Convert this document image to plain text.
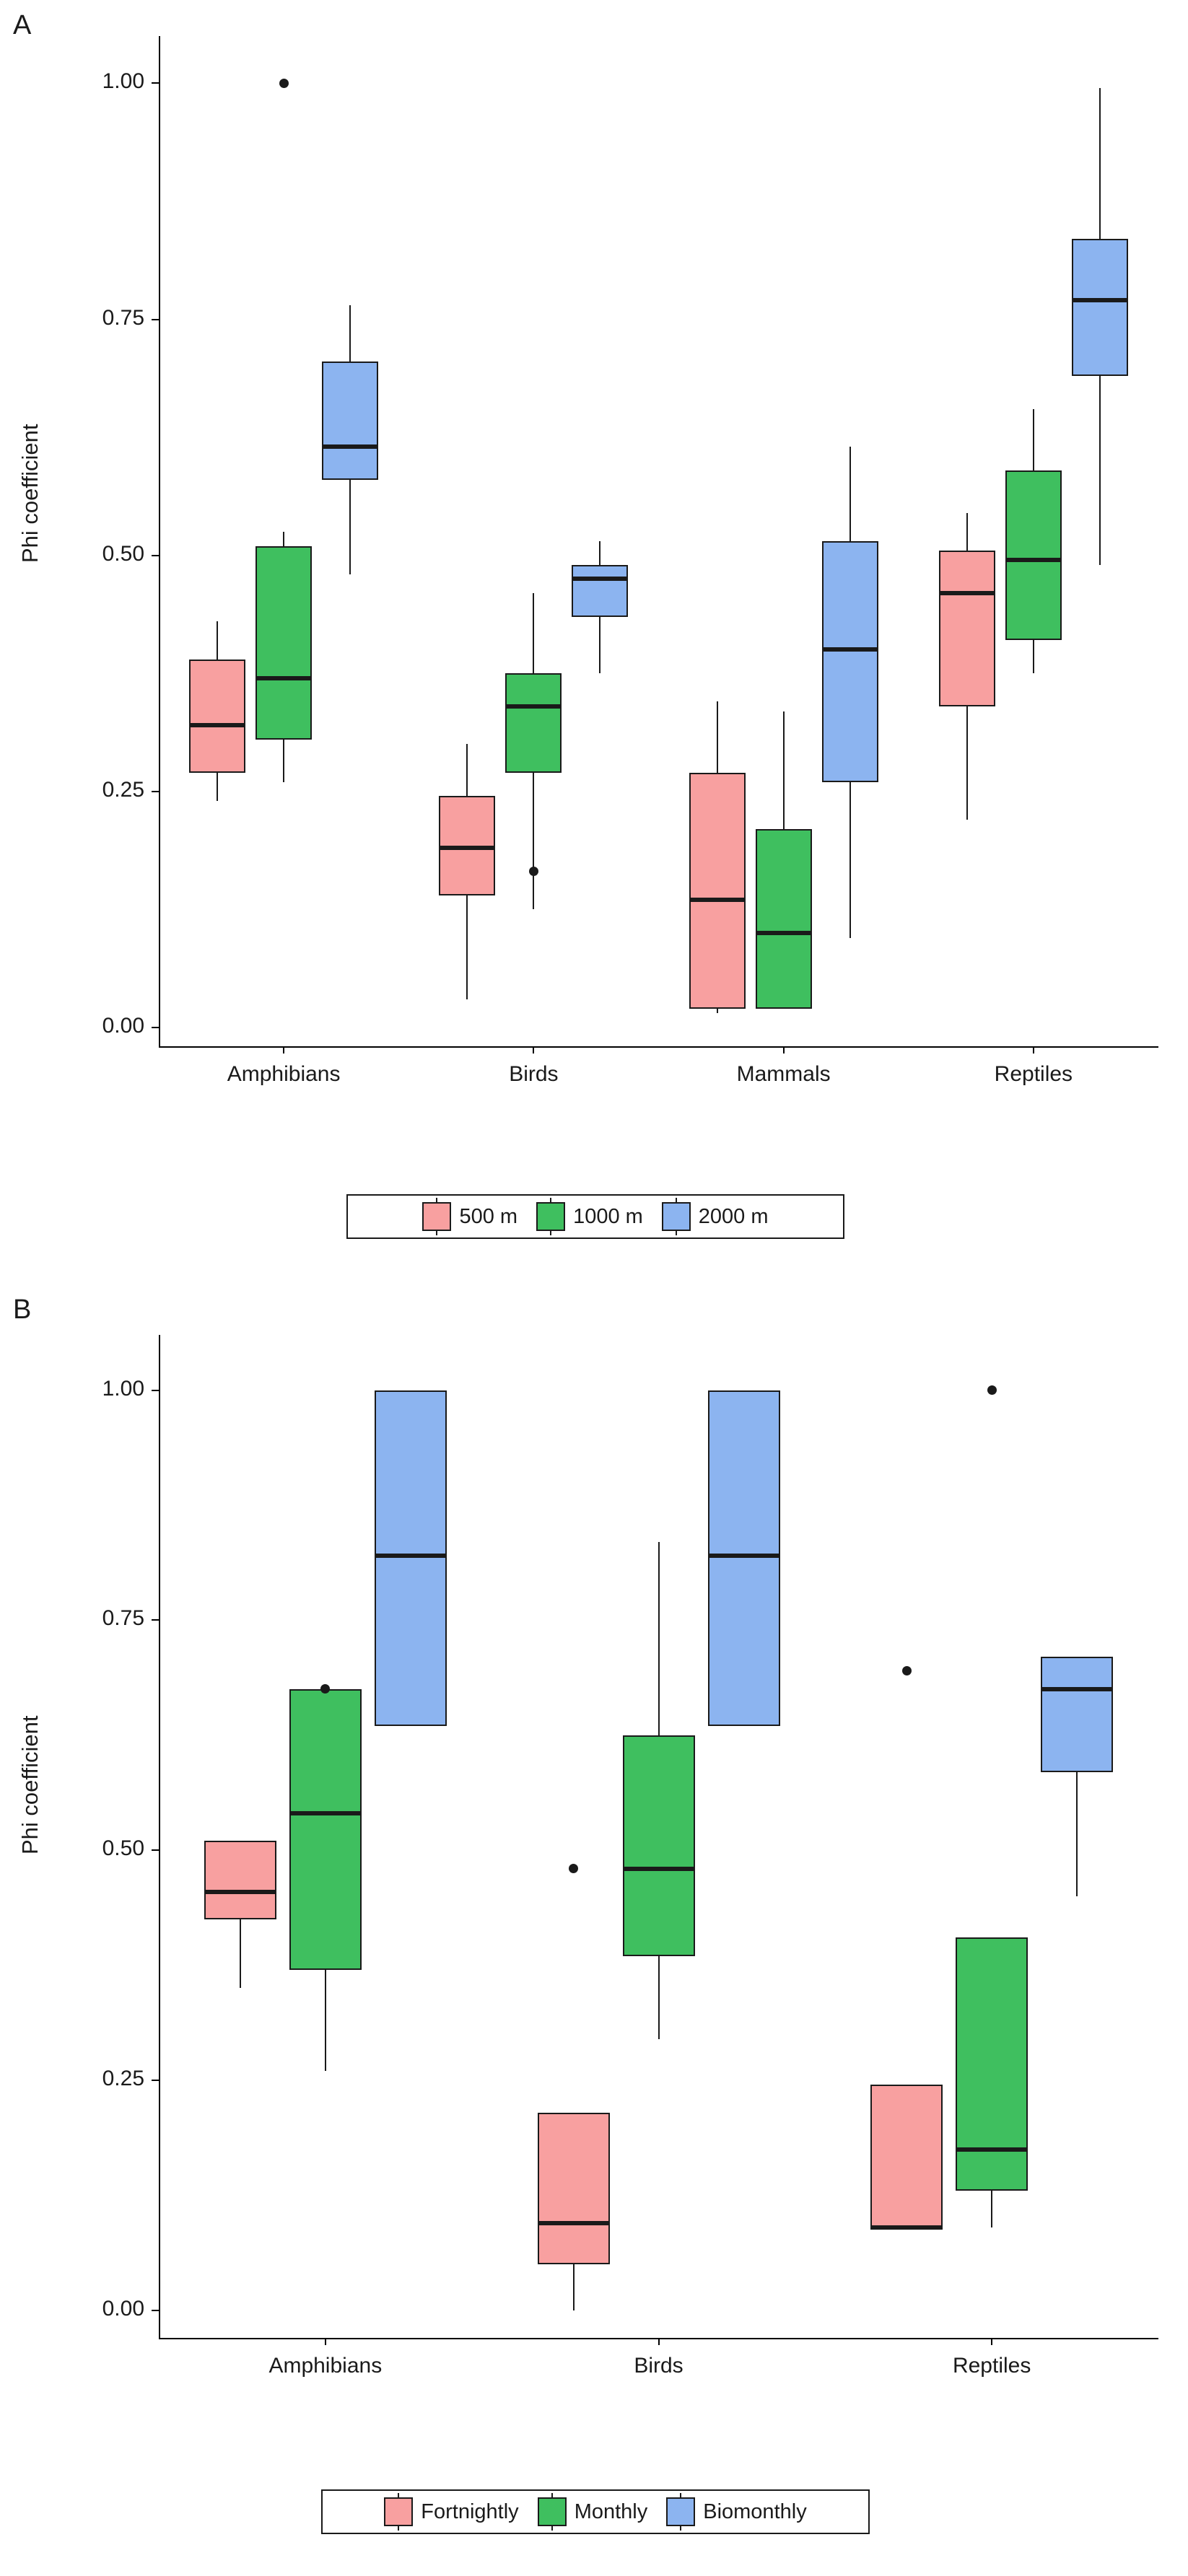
A
Phi coefficient
0.00
0.25
0.50
0.75
1.00
Amphibians	Birds	Mammals	Reptiles
500 m	1000 m	2000 m
B
Phi coefficient
0.00
0.25
0.50
0.75
1.00
Amphibians	Birds	Reptiles
Fortnightly	Monthly	Biomonthly
